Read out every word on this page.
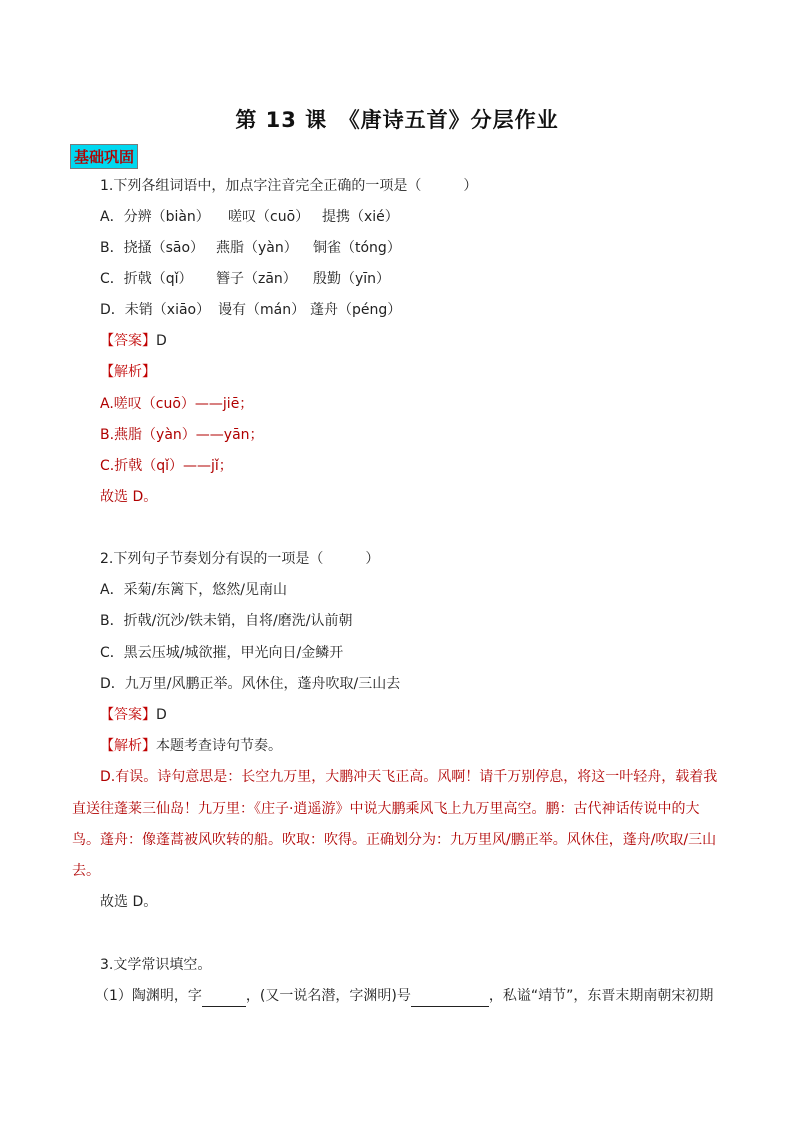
第 13 课　《唐诗五首》分层作业
基础巩固
1.下列各组词语中，加点字注音完全正确的一项是（　　　）
A．分辨（biàn） 嗟叹（cuō） 提携（xié）
B．挠搔（sāo） 燕脂（yàn） 铜雀（tóng）
C．折戟（qǐ） 簪子（zān） 殷勤（yīn）
D．未销（xiāo） 谩有（mán） 蓬舟（péng）
【答案】D
【解析】
A.嗟叹（cuō）——jiē；
B.燕脂（yàn）——yān；
C.折戟（qǐ）——jǐ；
故选 D。
2.下列句子节奏划分有误的一项是（　　　）
A．采菊/东篱下，悠然/见南山
B．折戟/沉沙/铁未销，自将/磨洗/认前朝
C．黑云压城/城欲摧，甲光向日/金鳞开
D．九万里/风鹏正举。风休住，蓬舟吹取/三山去
【答案】D
【解析】本题考查诗句节奏。
D.有误。诗句意思是：长空九万里，大鹏冲天飞正高。风啊！请千万别停息，将这一叶轻舟，载着我
直送往蓬莱三仙岛！九万里：《庄子·逍遥游》中说大鹏乘风飞上九万里高空。鹏：古代神话传说中的大
鸟。蓬舟：像蓬蒿被风吹转的船。吹取：吹得。正确划分为：九万里风/鹏正举。风休住，蓬舟/吹取/三山
去。
故选 D。
3.文学常识填空。
（1）陶渊明，字	，(又一说名潜，字渊明)号	，私谥“靖节”，东晋末期南朝宋初期
